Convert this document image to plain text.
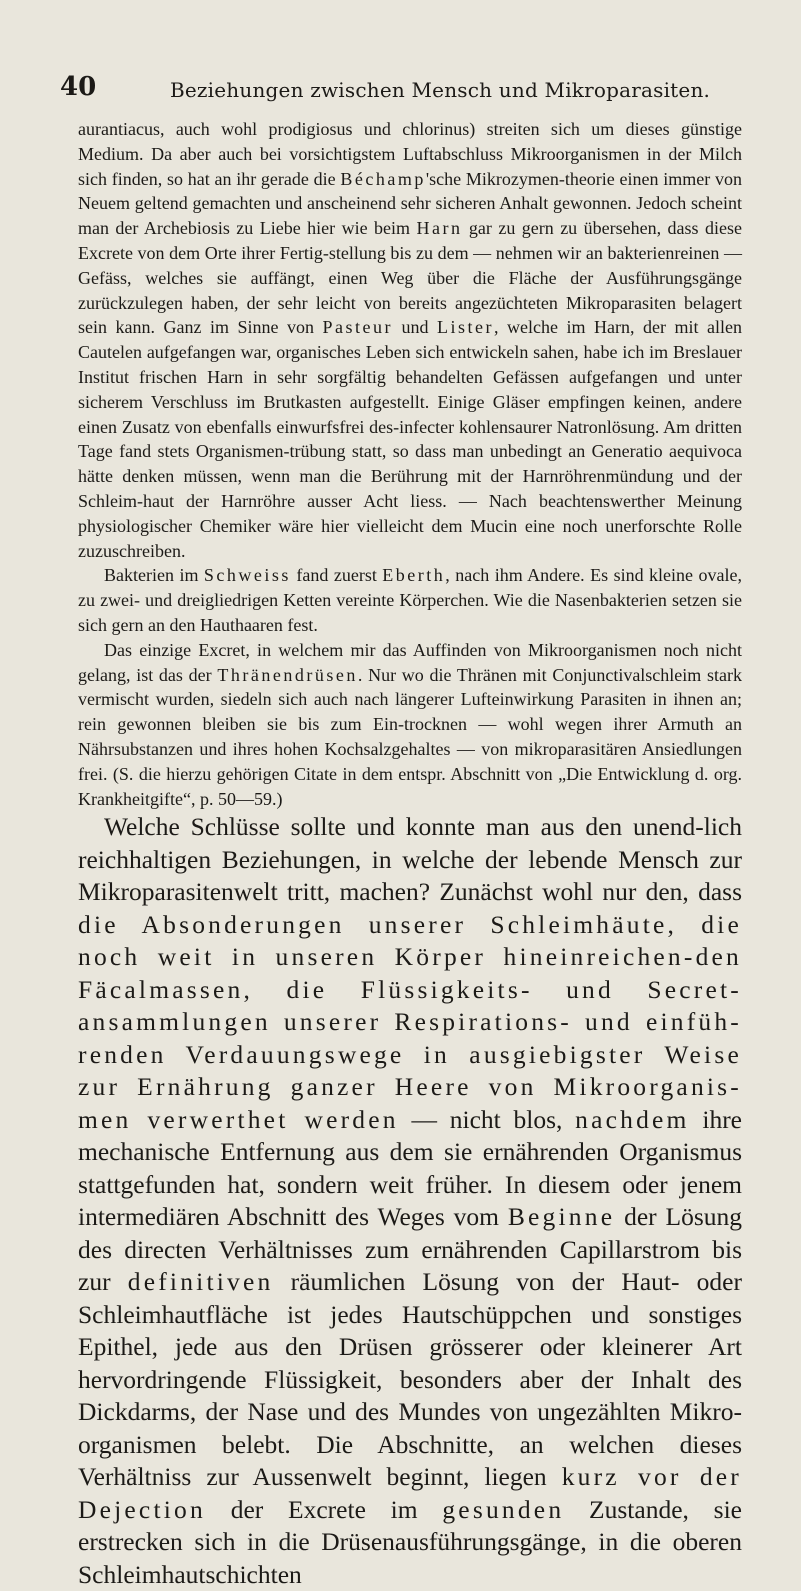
40	Beziehungen zwischen Mensch und Mikroparasiten.

aurantiacus, auch wohl prodigiosus und chlorinus) streiten sich um dieses günstige Medium. Da aber auch bei vorsichtigstem Luftabschluss Mikroorganismen in der Milch sich finden, so hat an ihr gerade die Béchamp'sche Mikrozymen-theorie einen immer von Neuem geltend gemachten und anscheinend sehr sicheren Anhalt gewonnen. Jedoch scheint man der Archebiosis zu Liebe hier wie beim Harn gar zu gern zu übersehen, dass diese Excrete von dem Orte ihrer Fertig-stellung bis zu dem — nehmen wir an bakterienreinen — Gefäss, welches sie auffängt, einen Weg über die Fläche der Ausführungsgänge zurückzulegen haben, der sehr leicht von bereits angezüchteten Mikroparasiten belagert sein kann. Ganz im Sinne von Pasteur und Lister, welche im Harn, der mit allen Cautelen aufgefangen war, organisches Leben sich entwickeln sahen, habe ich im Breslauer Institut frischen Harn in sehr sorgfältig behandelten Gefässen aufgefangen und unter sicherem Verschluss im Brutkasten aufgestellt. Einige Gläser empfingen keinen, andere einen Zusatz von ebenfalls einwurfsfrei des-infecter kohlensaurer Natronlösung. Am dritten Tage fand stets Organismen-trübung statt, so dass man unbedingt an Generatio aequivoca hätte denken müssen, wenn man die Berührung mit der Harnröhrenmündung und der Schleim-haut der Harnröhre ausser Acht liess. — Nach beachtenswerther Meinung physiologischer Chemiker wäre hier vielleicht dem Mucin eine noch unerforschte Rolle zuzuschreiben.

Bakterien im Schweiss fand zuerst Eberth, nach ihm Andere. Es sind kleine ovale, zu zwei- und dreigliedrigen Ketten vereinte Körperchen. Wie die Nasenbakterien setzen sie sich gern an den Hauthaaren fest.

Das einzige Excret, in welchem mir das Auffinden von Mikroorganismen noch nicht gelang, ist das der Thränendrüsen. Nur wo die Thränen mit Conjunctivalschleim stark vermischt wurden, siedeln sich auch nach längerer Lufteinwirkung Parasiten in ihnen an; rein gewonnen bleiben sie bis zum Ein-trocknen — wohl wegen ihrer Armuth an Nährsubstanzen und ihres hohen Kochsalzgehaltes — von mikroparasitären Ansiedlungen frei. (S. die hierzu gehörigen Citate in dem entspr. Abschnitt von „Die Entwicklung d. org. Krankheitgifte“, p. 50—59.)

Welche Schlüsse sollte und konnte man aus den unend-lich reichhaltigen Beziehungen, in welche der lebende Mensch zur Mikroparasitenwelt tritt, machen? Zunächst wohl nur den, dass die Absonderungen unserer Schleimhäute, die noch weit in unseren Körper hineinreichen-den Fäcalmassen, die Flüssigkeits- und Secret-ansammlungen unserer Respirations- und einfüh-renden Verdauungswege in ausgiebigster Weise zur Ernährung ganzer Heere von Mikroorganis-men verwerthet werden — nicht blos, nachdem ihre mechanische Entfernung aus dem sie ernährenden Organismus stattgefunden hat, sondern weit früher. In diesem oder jenem intermediären Abschnitt des Weges vom Beginne der Lösung des directen Verhältnisses zum ernährenden Capillarstrom bis zur definitiven räumlichen Lösung von der Haut- oder Schleimhautfläche ist jedes Hautschüppchen und sonstiges Epithel, jede aus den Drüsen grösserer oder kleinerer Art hervordringende Flüssigkeit, besonders aber der Inhalt des Dickdarms, der Nase und des Mundes von ungezählten Mikro-organismen belebt. Die Abschnitte, an welchen dieses Verhältniss zur Aussenwelt beginnt, liegen kurz vor der Dejection der Excrete im gesunden Zustande, sie erstrecken sich in die Drüsenausführungsgänge, in die oberen Schleimhautschichten
